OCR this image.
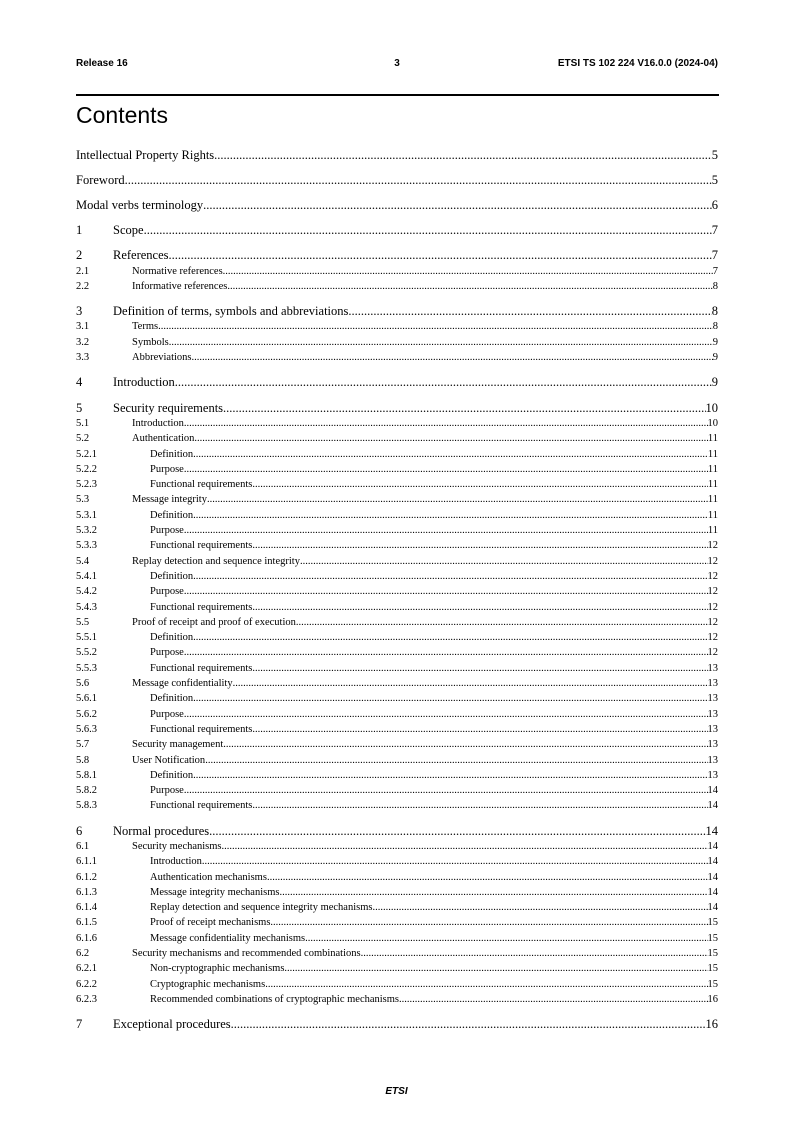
Release 16	3	ETSI TS 102 224 V16.0.0 (2024-04)
Contents
Intellectual Property Rights .....	5
Foreword .....	5
Modal verbs terminology .....	6
1	Scope .....	7
2	References .....	7
2.1	Normative references .....	7
2.2	Informative references .....	8
3	Definition of terms, symbols and abbreviations .....	8
3.1	Terms .....	8
3.2	Symbols .....	9
3.3	Abbreviations .....	9
4	Introduction .....	9
5	Security requirements .....	10
5.1	Introduction .....	10
5.2	Authentication .....	11
5.2.1	Definition .....	11
5.2.2	Purpose .....	11
5.2.3	Functional requirements .....	11
5.3	Message integrity .....	11
5.3.1	Definition .....	11
5.3.2	Purpose .....	11
5.3.3	Functional requirements .....	12
5.4	Replay detection and sequence integrity .....	12
5.4.1	Definition .....	12
5.4.2	Purpose .....	12
5.4.3	Functional requirements .....	12
5.5	Proof of receipt and proof of execution .....	12
5.5.1	Definition .....	12
5.5.2	Purpose .....	12
5.5.3	Functional requirements .....	13
5.6	Message confidentiality .....	13
5.6.1	Definition .....	13
5.6.2	Purpose .....	13
5.6.3	Functional requirements .....	13
5.7	Security management .....	13
5.8	User Notification .....	13
5.8.1	Definition .....	13
5.8.2	Purpose .....	14
5.8.3	Functional requirements .....	14
6	Normal procedures .....	14
6.1	Security mechanisms .....	14
6.1.1	Introduction .....	14
6.1.2	Authentication mechanisms .....	14
6.1.3	Message integrity mechanisms .....	14
6.1.4	Replay detection and sequence integrity mechanisms .....	14
6.1.5	Proof of receipt mechanisms .....	15
6.1.6	Message confidentiality mechanisms .....	15
6.2	Security mechanisms and recommended combinations .....	15
6.2.1	Non-cryptographic mechanisms .....	15
6.2.2	Cryptographic mechanisms .....	15
6.2.3	Recommended combinations of cryptographic mechanisms .....	16
7	Exceptional procedures .....	16
ETSI
